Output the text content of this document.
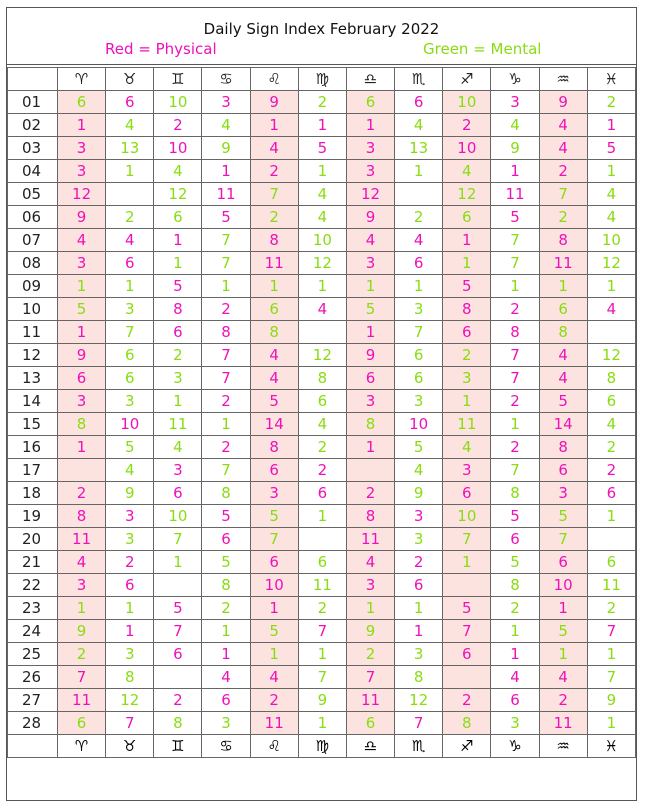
Daily Sign Index February 2022
Red = Physical	Green = Mental
	♈	♉	♊	♋	♌	♍	♎	♏	♐	♑	♒	♓
01	6	6	10	3	9	2	6	6	10	3	9	2
02	1	4	2	4	1	1	1	4	2	4	4	1
03	3	13	10	9	4	5	3	13	10	9	4	5
04	3	1	4	1	2	1	3	1	4	1	2	1
05	12		12	11	7	4	12		12	11	7	4
06	9	2	6	5	2	4	9	2	6	5	2	4
07	4	4	1	7	8	10	4	4	1	7	8	10
08	3	6	1	7	11	12	3	6	1	7	11	12
09	1	1	5	1	1	1	1	1	5	1	1	1
10	5	3	8	2	6	4	5	3	8	2	6	4
11	1	7	6	8	8		1	7	6	8	8	
12	9	6	2	7	4	12	9	6	2	7	4	12
13	6	6	3	7	4	8	6	6	3	7	4	8
14	3	3	1	2	5	6	3	3	1	2	5	6
15	8	10	11	1	14	4	8	10	11	1	14	4
16	1	5	4	2	8	2	1	5	4	2	8	2
17		4	3	7	6	2		4	3	7	6	2
18	2	9	6	8	3	6	2	9	6	8	3	6
19	8	3	10	5	5	1	8	3	10	5	5	1
20	11	3	7	6	7		11	3	7	6	7	
21	4	2	1	5	6	6	4	2	1	5	6	6
22	3	6		8	10	11	3	6		8	10	11
23	1	1	5	2	1	2	1	1	5	2	1	2
24	9	1	7	1	5	7	9	1	7	1	5	7
25	2	3	6	1	1	1	2	3	6	1	1	1
26	7	8		4	4	7	7	8		4	4	7
27	11	12	2	6	2	9	11	12	2	6	2	9
28	6	7	8	3	11	1	6	7	8	3	11	1
	♈	♉	♊	♋	♌	♍	♎	♏	♐	♑	♒	♓
